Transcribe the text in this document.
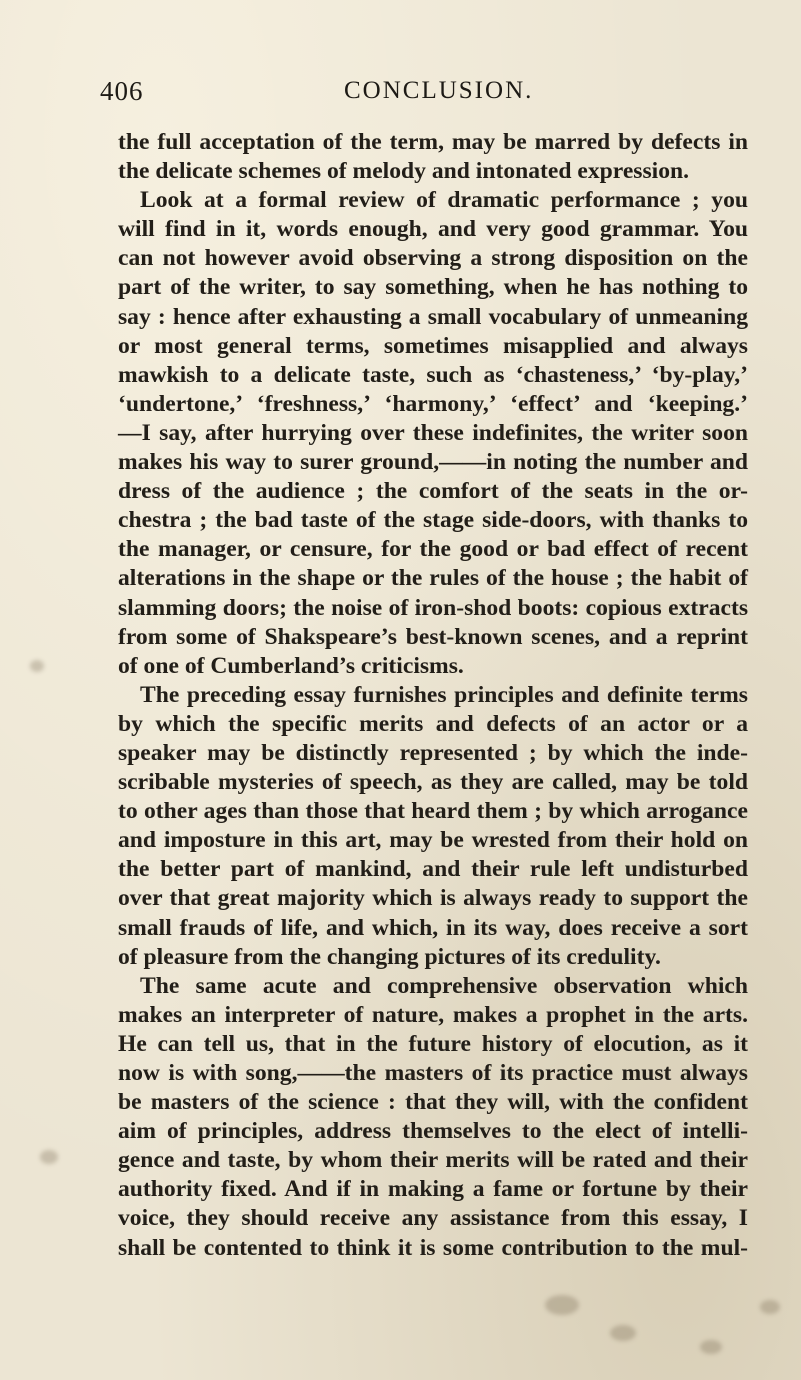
406	CONCLUSION.
the full acceptation of the term, may be marred by defects in
the delicate schemes of melody and intonated expression.
Look at a formal review of dramatic performance ; you
will find in it, words enough, and very good grammar. You
can not however avoid observing a strong disposition on the
part of the writer, to say something, when he has nothing to
say : hence after exhausting a small vocabulary of unmeaning
or most general terms, sometimes misapplied and always
mawkish to a delicate taste, such as ‘chasteness,’ ‘by-play,’
‘undertone,’ ‘freshness,’ ‘harmony,’ ‘effect’ and ‘keeping.’
—I say, after hurrying over these indefinites, the writer soon
makes his way to surer ground,——in noting the number and
dress of the audience ; the comfort of the seats in the or-
chestra ; the bad taste of the stage side-doors, with thanks to
the manager, or censure, for the good or bad effect of recent
alterations in the shape or the rules of the house ; the habit of
slamming doors; the noise of iron-shod boots: copious extracts
from some of Shakspeare’s best-known scenes, and a reprint
of one of Cumberland’s criticisms.
The preceding essay furnishes principles and definite terms
by which the specific merits and defects of an actor or a
speaker may be distinctly represented ; by which the inde-
scribable mysteries of speech, as they are called, may be told
to other ages than those that heard them ; by which arrogance
and imposture in this art, may be wrested from their hold on
the better part of mankind, and their rule left undisturbed
over that great majority which is always ready to support the
small frauds of life, and which, in its way, does receive a sort
of pleasure from the changing pictures of its credulity.
The same acute and comprehensive observation which
makes an interpreter of nature, makes a prophet in the arts.
He can tell us, that in the future history of elocution, as it
now is with song,——the masters of its practice must always
be masters of the science : that they will, with the confident
aim of principles, address themselves to the elect of intelli-
gence and taste, by whom their merits will be rated and their
authority fixed. And if in making a fame or fortune by their
voice, they should receive any assistance from this essay, I
shall be contented to think it is some contribution to the mul-
